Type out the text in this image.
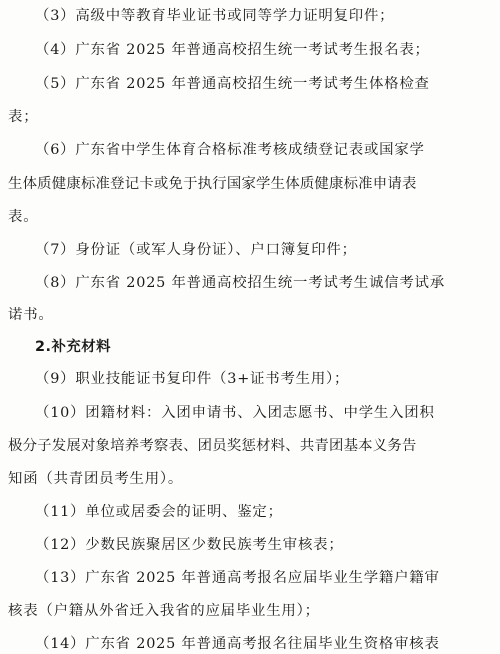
（3）高级中等教育毕业证书或同等学力证明复印件；
（4）广东省 2025 年普通高校招生统一考试考生报名表；
（5）广东省 2025 年普通高校招生统一考试考生体格检查
表；
（6）广东省中学生体育合格标准考核成绩登记表或国家学
生体质健康标准登记卡或免于执行国家学生体质健康标准申请表
表。
（7）身份证（或军人身份证）、户口簿复印件；
（8）广东省 2025 年普通高校招生统一考试考生诚信考试承
诺书。
2.补充材料
（9）职业技能证书复印件（3+证书考生用）；
（10）团籍材料：入团申请书、入团志愿书、中学生入团积
极分子发展对象培养考察表、团员奖惩材料、共青团基本义务告
知函（共青团员考生用）。
（11）单位或居委会的证明、鉴定；
（12）少数民族聚居区少数民族考生审核表；
（13）广东省 2025 年普通高考报名应届毕业生学籍户籍审
核表（户籍从外省迁入我省的应届毕业生用）；
（14）广东省 2025 年普通高考报名往届毕业生资格审核表
